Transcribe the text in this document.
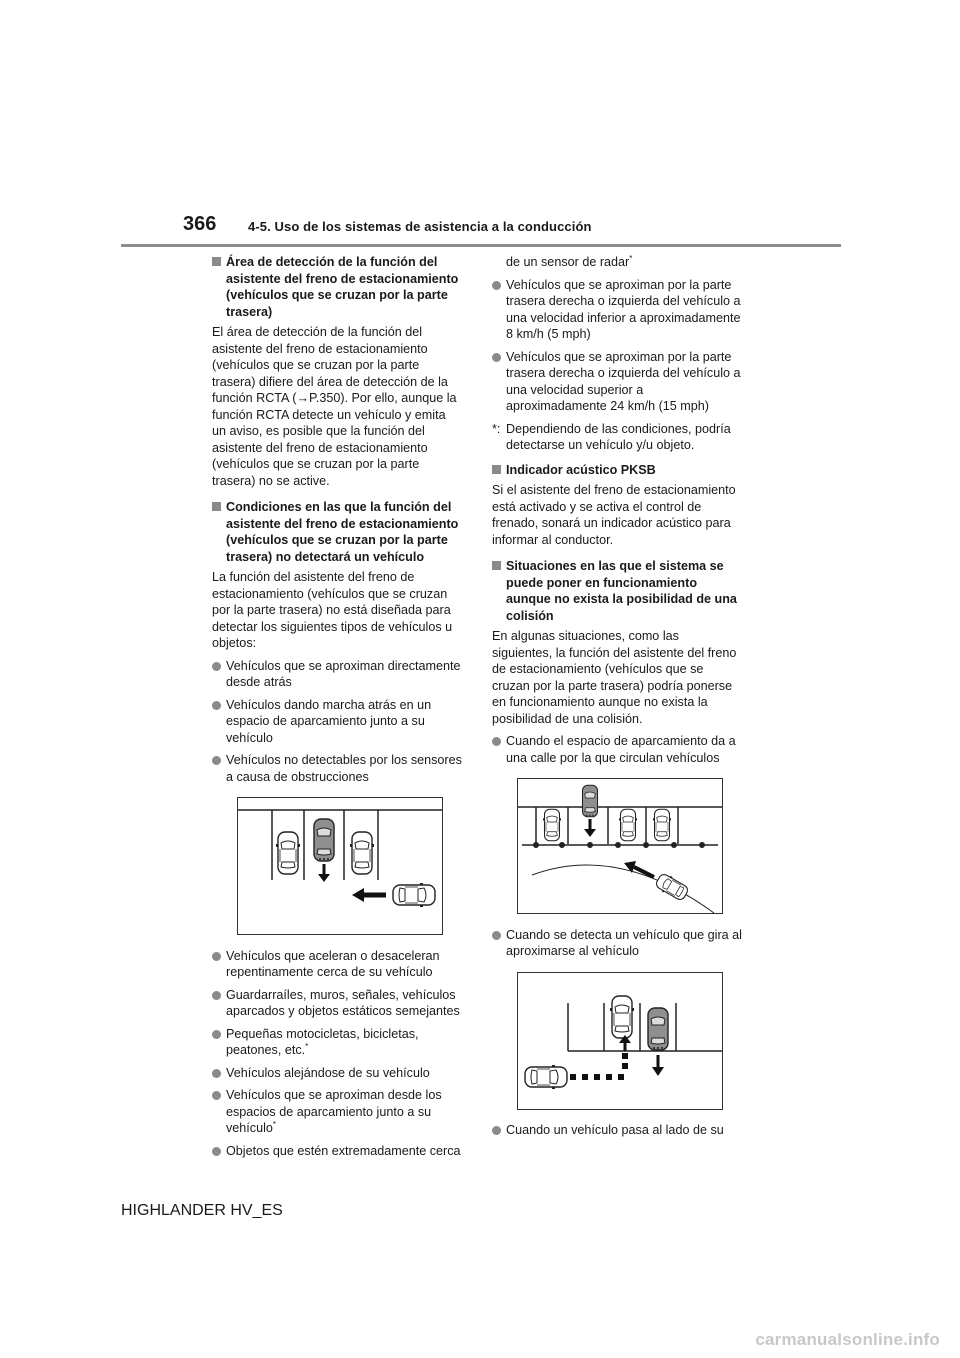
366 4-5. Uso de los sistemas de asistencia a la conducción
Área de detección de la función del asistente del freno de estacionamiento (vehículos que se cruzan por la parte trasera)
El área de detección de la función del asistente del freno de estacionamiento (vehículos que se cruzan por la parte trasera) difiere del área de detección de la función RCTA (→P.350). Por ello, aunque la función RCTA detecte un vehículo y emita un aviso, es posible que la función del asistente del freno de estacionamiento (vehículos que se cruzan por la parte trasera) no se active.
Condiciones en las que la función del asistente del freno de estacionamiento (vehículos que se cruzan por la parte trasera) no detectará un vehículo
La función del asistente del freno de estacionamiento (vehículos que se cruzan por la parte trasera) no está diseñada para detectar los siguientes tipos de vehículos u objetos:
Vehículos que se aproximan directamente desde atrás
Vehículos dando marcha atrás en un espacio de aparcamiento junto a su vehículo
Vehículos no detectables por los sensores a causa de obstrucciones
Vehículos que aceleran o desaceleran repentinamente cerca de su vehículo
Guardarraíles, muros, señales, vehículos aparcados y objetos estáticos semejantes
Pequeñas motocicletas, bicicletas, peatones, etc.*
Vehículos alejándose de su vehículo
Vehículos que se aproximan desde los espacios de aparcamiento junto a su vehículo*
Objetos que estén extremadamente cerca
de un sensor de radar*
Vehículos que se aproximan por la parte trasera derecha o izquierda del vehículo a una velocidad inferior a aproximadamente 8 km/h (5 mph)
Vehículos que se aproximan por la parte trasera derecha o izquierda del vehículo a una velocidad superior a aproximadamente 24 km/h (15 mph)
*: Dependiendo de las condiciones, podría detectarse un vehículo y/u objeto.
Indicador acústico PKSB
Si el asistente del freno de estacionamiento está activado y se activa el control de frenado, sonará un indicador acústico para informar al conductor.
Situaciones en las que el sistema se puede poner en funcionamiento aunque no exista la posibilidad de una colisión
En algunas situaciones, como las siguientes, la función del asistente del freno de estacionamiento (vehículos que se cruzan por la parte trasera) podría ponerse en funcionamiento aunque no exista la posibilidad de una colisión.
Cuando el espacio de aparcamiento da a una calle por la que circulan vehículos
Cuando se detecta un vehículo que gira al aproximarse al vehículo
Cuando un vehículo pasa al lado de su
HIGHLANDER HV_ES
carmanualsonline.info
